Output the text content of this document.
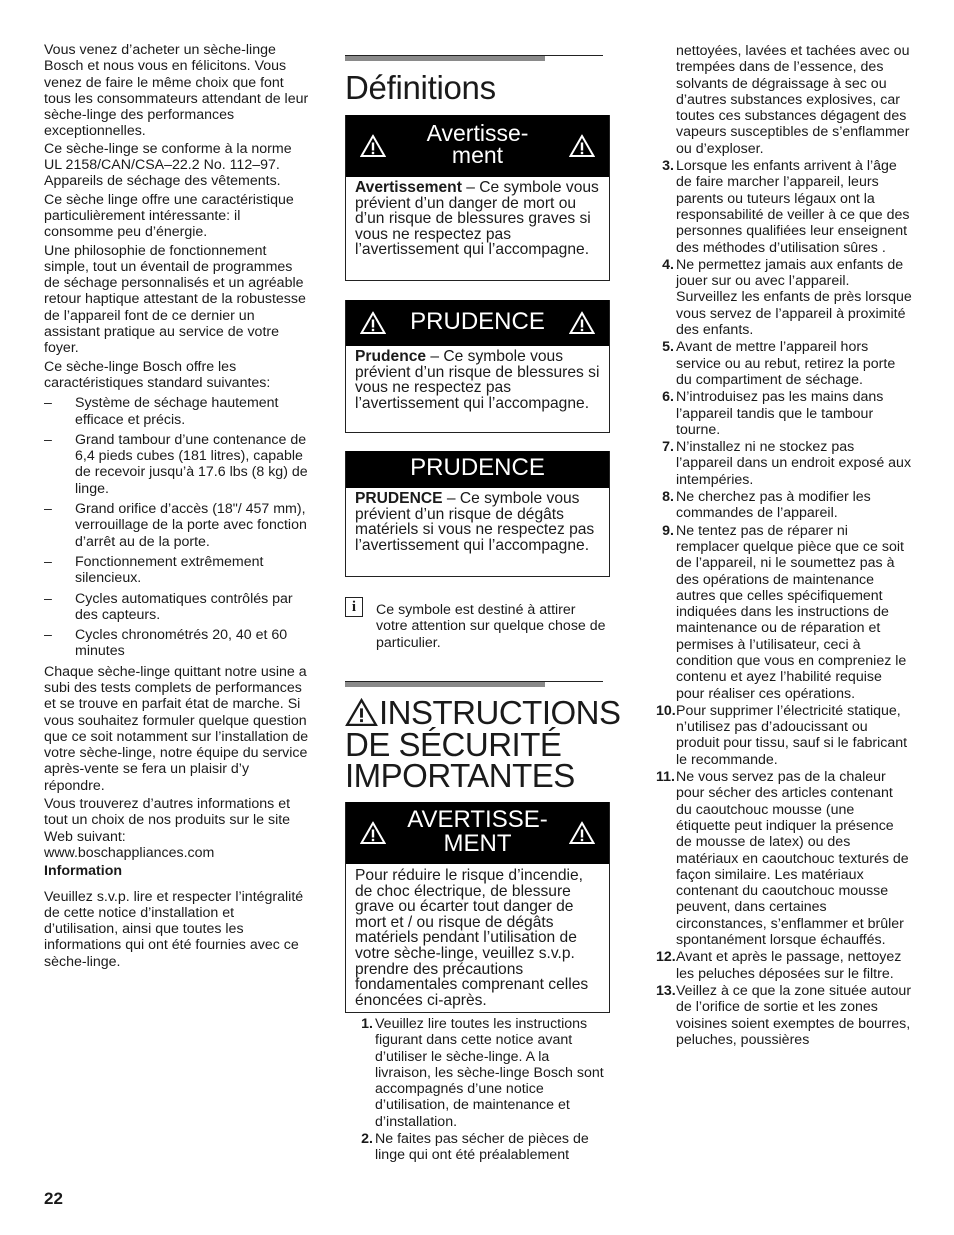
Vous venez d’acheter un sèche-linge Bosch et nous vous en félicitons. Vous venez de faire le même choix que font tous les consommateurs attendant de leur sèche-linge des performances exceptionnelles.

Ce sèche-linge se conforme à la norme UL 2158/CAN/CSA–22.2 No. 112–97. Appareils de séchage des vêtements.

Ce sèche linge offre une caractéristique particulièrement intéressante: il consomme peu d’énergie.

Une philosophie de fonctionnement simple, tout un éventail de programmes de séchage personnalisés et un agréable retour haptique attestant de la robustesse de l’appareil font de ce dernier un assistant pratique au service de votre foyer.

Ce sèche-linge Bosch offre les caractéristiques standard suivantes:

– Système de séchage hautement efficace et précis.
– Grand tambour d’une contenance de 6,4 pieds cubes (181 litres), capable de recevoir jusqu’à 17.6 lbs (8 kg) de linge.
– Grand orifice d’accès (18"/ 457 mm), verrouillage de la porte avec fonction d’arrêt au de la porte.
– Fonctionnement extrêmement silencieux.
– Cycles automatiques contrôlés par des capteurs.
– Cycles chronométrés 20, 40 et 60 minutes

Chaque sèche-linge quittant notre usine a subi des tests complets de performances et se trouve en parfait état de marche. Si vous souhaitez formuler quelque question que ce soit notamment sur l’installation de votre sèche-linge, notre équipe du service après-vente se fera un plaisir d’y répondre.

Vous trouverez d’autres informations et tout un choix de nos produits sur le site Web suivant:

www.boschappliances.com

Information

Veuillez s.v.p. lire et respecter l’intégralité de cette notice d’installation et d’utilisation, ainsi que toutes les informations qui ont été fournies avec ce sèche-linge.

Définitions
Avertisse-
ment
Avertissement – Ce symbole vous prévient d’un danger de mort ou d’un risque de blessures graves si vous ne respectez pas l’avertissement qui l’accompagne.
PRUDENCE
Prudence – Ce symbole vous prévient d’un risque de blessures si vous ne respectez pas l’avertissement qui l’accompagne.
PRUDENCE
PRUDENCE – Ce symbole vous prévient d’un risque de dégâts matériels si vous ne respectez pas l’avertissement qui l’accompagne.
i	Ce symbole est destiné à attirer votre attention sur quelque chose de particulier.

INSTRUCTIONS
DE SÉCURITÉ
IMPORTANTES
AVERTISSE-
MENT
Pour réduire le risque d’incendie, de choc électrique, de blessure grave ou écarter tout danger de mort et / ou risque de dégâts matériels pendant l’utilisation de votre sèche-linge, veuillez s.v.p. prendre des précautions fondamentales comprenant celles énoncées ci-après.
1. Veuillez lire toutes les instructions figurant dans cette notice avant d’utiliser le sèche-linge. A la livraison, les sèche-linge Bosch sont accompagnés d’une notice d’utilisation, de maintenance et d’installation.
2. Ne faites pas sécher de pièces de linge qui ont été préalablement

nettoyées, lavées et tachées avec ou trempées dans de l’essence, des solvants de dégraissage à sec ou d’autres substances explosives, car toutes ces substances dégagent des vapeurs susceptibles de s’enflammer ou d’exploser.

3. Lorsque les enfants arrivent à l’âge de faire marcher l’appareil, leurs parents ou tuteurs légaux ont la responsabilité de veiller à ce que des personnes qualifiées leur enseignent des méthodes d’utilisation sûres .
4. Ne permettez jamais aux enfants de jouer sur ou avec l’appareil. Surveillez les enfants de près lorsque vous servez de l’appareil à proximité des enfants.
5. Avant de mettre l’appareil hors service ou au rebut, retirez la porte du compartiment de séchage.
6. N’introduisez pas les mains dans l’appareil tandis que le tambour tourne.
7. N’installez ni ne stockez pas l’appareil dans un endroit exposé aux intempéries.
8. Ne cherchez pas à modifier les commandes de l’appareil.
9. Ne tentez pas de réparer ni remplacer quelque pièce que ce soit de l’appareil, ni le soumettez pas à des opérations de maintenance autres que celles spécifiquement indiquées dans les instructions de maintenance ou de réparation et permises à l’utilisateur, ceci à condition que vous en compreniez le contenu et ayez l’habilité requise pour réaliser ces opérations.
10. Pour supprimer l’électricité statique, n’utilisez pas d’adoucissant ou produit pour tissu, sauf si le fabricant le recommande.
11. Ne vous servez pas de la chaleur pour sécher des articles contenant du caoutchouc mousse (une étiquette peut indiquer la présence de mousse de latex) ou des matériaux en caoutchouc texturés de façon similaire. Les matériaux contenant du caoutchouc mousse peuvent, dans certaines circonstances, s’enflammer et brûler spontanément lorsque échauffés.
12. Avant et après le passage, nettoyez les peluches déposées sur le filtre.
13. Veillez à ce que la zone située autour de l’orifice de sortie et les zones voisines soient exemptes de bourres, peluches, poussières
22
